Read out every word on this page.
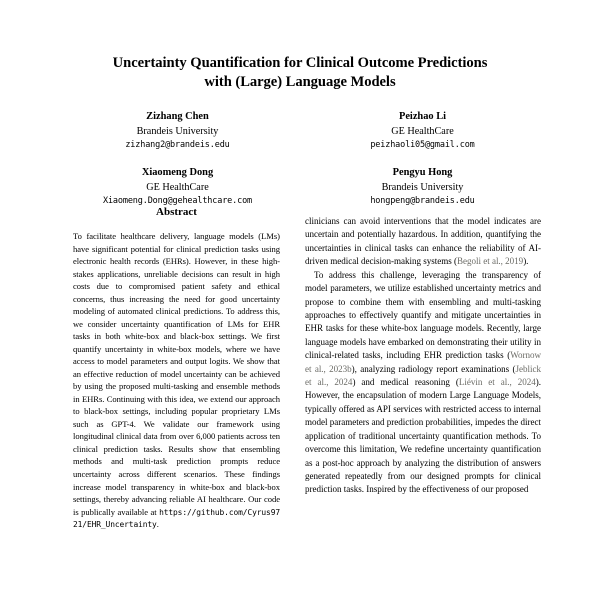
Uncertainty Quantification for Clinical Outcome Predictions
with (Large) Language Models
Zizhang Chen
Brandeis University
zizhang2@brandeis.edu
Peizhao Li
GE HealthCare
peizhaoli05@gmail.com
Xiaomeng Dong
GE HealthCare
Xiaomeng.Dong@gehealthcare.com
Pengyu Hong
Brandeis University
hongpeng@brandeis.edu
Abstract

To facilitate healthcare delivery, language models (LMs) have significant potential for clinical prediction tasks using electronic health records (EHRs). However, in these high-stakes applications, unreliable decisions can result in high costs due to compromised patient safety and ethical concerns, thus increasing the need for good uncertainty modeling of automated clinical predictions. To address this, we consider uncertainty quantification of LMs for EHR tasks in both white-box and black-box settings. We first quantify uncertainty in white-box models, where we have access to model parameters and output logits. We show that an effective reduction of model uncertainty can be achieved by using the proposed multi-tasking and ensemble methods in EHRs. Continuing with this idea, we extend our approach to black-box settings, including popular proprietary LMs such as GPT-4. We validate our framework using longitudinal clinical data from over 6,000 patients across ten clinical prediction tasks. Results show that ensembling methods and multi-task prediction prompts reduce uncertainty across different scenarios. These findings increase model transparency in white-box and black-box settings, thereby advancing reliable AI healthcare. Our code is publically available at https://github.com/Cyrus9721/EHR_Uncertainty.

clinicians can avoid interventions that the model indicates are uncertain and potentially hazardous. In addition, quantifying the uncertainties in clinical tasks can enhance the reliability of AI-driven medical decision-making systems (Begoli et al., 2019).

To address this challenge, leveraging the transparency of model parameters, we utilize established uncertainty metrics and propose to combine them with ensembling and multi-tasking approaches to effectively quantify and mitigate uncertainties in EHR tasks for these white-box language models. Recently, large language models have embarked on demonstrating their utility in clinical-related tasks, including EHR prediction tasks (Wornow et al., 2023b), analyzing radiology report examinations (Jeblick et al., 2024) and medical reasoning (Liévin et al., 2024). However, the encapsulation of modern Large Language Models, typically offered as API services with restricted access to internal model parameters and prediction probabilities, impedes the direct application of traditional uncertainty quantification methods. To overcome this limitation, We redefine uncertainty quantification as a post-hoc approach by analyzing the distribution of answers generated repeatedly from our designed prompts for clinical prediction tasks. Inspired by the effectiveness of our proposed
